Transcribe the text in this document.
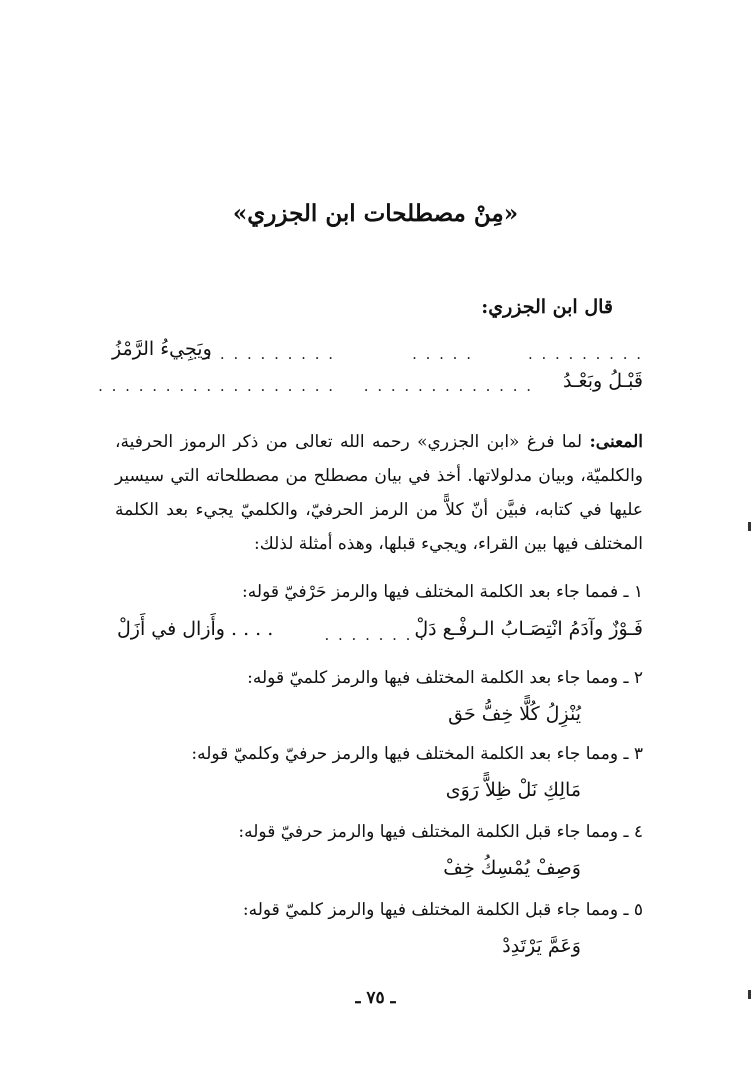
«مِنْ مصطلحات ابن الجزري»
قال ابن الجزري:
. . . . . . . . .
. . . . .
. . . . . . . . . . . .
ويَجِيءُ الرَّمْزُ
قَبْـلُ وبَعْـدُ
. . . . . . . . . . . . .
. . . . . . . . . . . . . . . . . .
المعنى: لما فرغ «ابن الجزري» رحمه الله تعالى من ذكر الرموز الحرفية، والكلميّة، وبيان مدلولاتها. أخذ في بيان مصطلح من مصطلحاته التي سيسير عليها في كتابه، فبيَّن أنّ كلاًّ من الرمز الحرفيّ، والكلميّ يجيء بعد الكلمة المختلف فيها بين القراء، ويجيء قبلها، وهذه أمثلة لذلك:
١ ـ فمما جاء بعد الكلمة المختلف فيها والرمز حَرْفيّ قوله:
فَـوْزٌ وآدَمُ انْتِصَـابُ الـرفْـع دَلْ
. . . . . . . .
. . . . وأَزال في أَزَلْ
٢ ـ ومما جاء بعد الكلمة المختلف فيها والرمز كلميّ قوله:
يُنْزِلُ كُلًّا خِفُّ حَق
٣ ـ ومما جاء بعد الكلمة المختلف فيها والرمز حرفيّ وكلميّ قوله:
مَالِكِ نَلْ ظِلاًّ رَوَى
٤ ـ ومما جاء قبل الكلمة المختلف فيها والرمز حرفيّ قوله:
وَصِفْ يُمْسِكُ خِفْ
٥ ـ ومما جاء قبل الكلمة المختلف فيها والرمز كلميّ قوله:
وَعَمَّ يَرْتَدِدْ
ـ ٧٥ ـ
